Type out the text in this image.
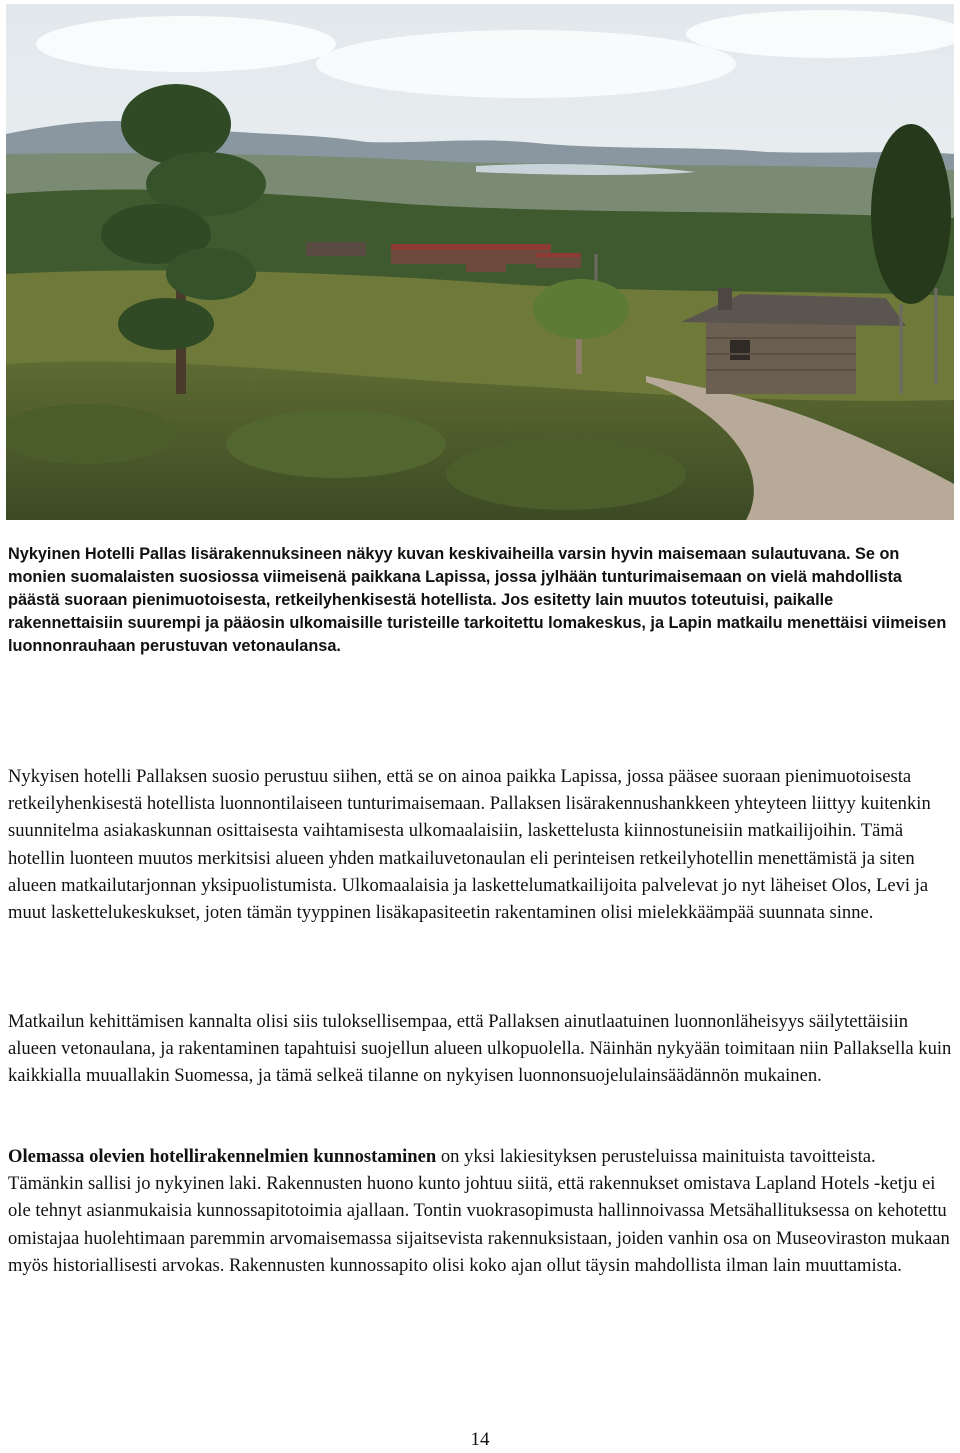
Nykyinen Hotelli Pallas lisärakennuksineen näkyy kuvan keskivaiheilla varsin hyvin maisemaan sulautuvana. Se on monien suomalaisten suosiossa viimeisenä paikkana Lapissa, jossa jylhään tunturimaisemaan on vielä mahdollista päästä suoraan pienimuotoisesta, retkeilyhenkisestä hotellista. Jos esitetty lain muutos toteutuisi, paikalle rakennettaisiin suurempi ja pääosin ulkomaisille turisteille tarkoitettu lomakeskus, ja Lapin matkailu menettäisi viimeisen luonnonrauhaan perustuvan vetonaulansa.

Nykyisen hotelli Pallaksen suosio perustuu siihen, että se on ainoa paikka Lapissa, jossa pääsee suoraan pienimuotoisesta retkeilyhenkisestä hotellista luonnontilaiseen tunturimaisemaan. Pallaksen lisärakennushankkeen yhteyteen liittyy kuitenkin suunnitelma asiakaskunnan osittaisesta vaihtamisesta ulkomaalaisiin, laskettelusta kiinnostuneisiin matkailijoihin. Tämä hotellin luonteen muutos merkitsisi alueen yhden matkailuvetonaulan eli perinteisen retkeilyhotellin menettämistä ja siten alueen matkailutarjonnan yksipuolistumista. Ulkomaalaisia ja laskettelumatkailijoita palvelevat jo nyt läheiset Olos, Levi ja muut laskettelukeskukset, joten tämän tyyppinen lisäkapasiteetin rakentaminen olisi mielekkäämpää suunnata sinne.

Matkailun kehittämisen kannalta olisi siis tuloksellisempaa, että Pallaksen ainutlaatuinen luonnonläheisyys säilytettäisiin alueen vetonaulana, ja rakentaminen tapahtuisi suojellun alueen ulkopuolella. Näinhän nykyään toimitaan niin Pallaksella kuin kaikkialla muuallakin Suomessa, ja tämä selkeä tilanne on nykyisen luonnonsuojelulainsäädännön mukainen.

Olemassa olevien hotellirakennelmien kunnostaminen on yksi lakiesityksen perusteluissa mainituista tavoitteista. Tämänkin sallisi jo nykyinen laki. Rakennusten huono kunto johtuu siitä, että rakennukset omistava Lapland Hotels -ketju ei ole tehnyt asianmukaisia kunnossapitotoimia ajallaan. Tontin vuokrasopimusta hallinnoivassa Metsähallituksessa on kehotettu omistajaa huolehtimaan paremmin arvomaisemassa sijaitsevista rakennuksistaan, joiden vanhin osa on Museoviraston mukaan myös historiallisesti arvokas. Rakennusten kunnossapito olisi koko ajan ollut täysin mahdollista ilman lain muuttamista.

14
